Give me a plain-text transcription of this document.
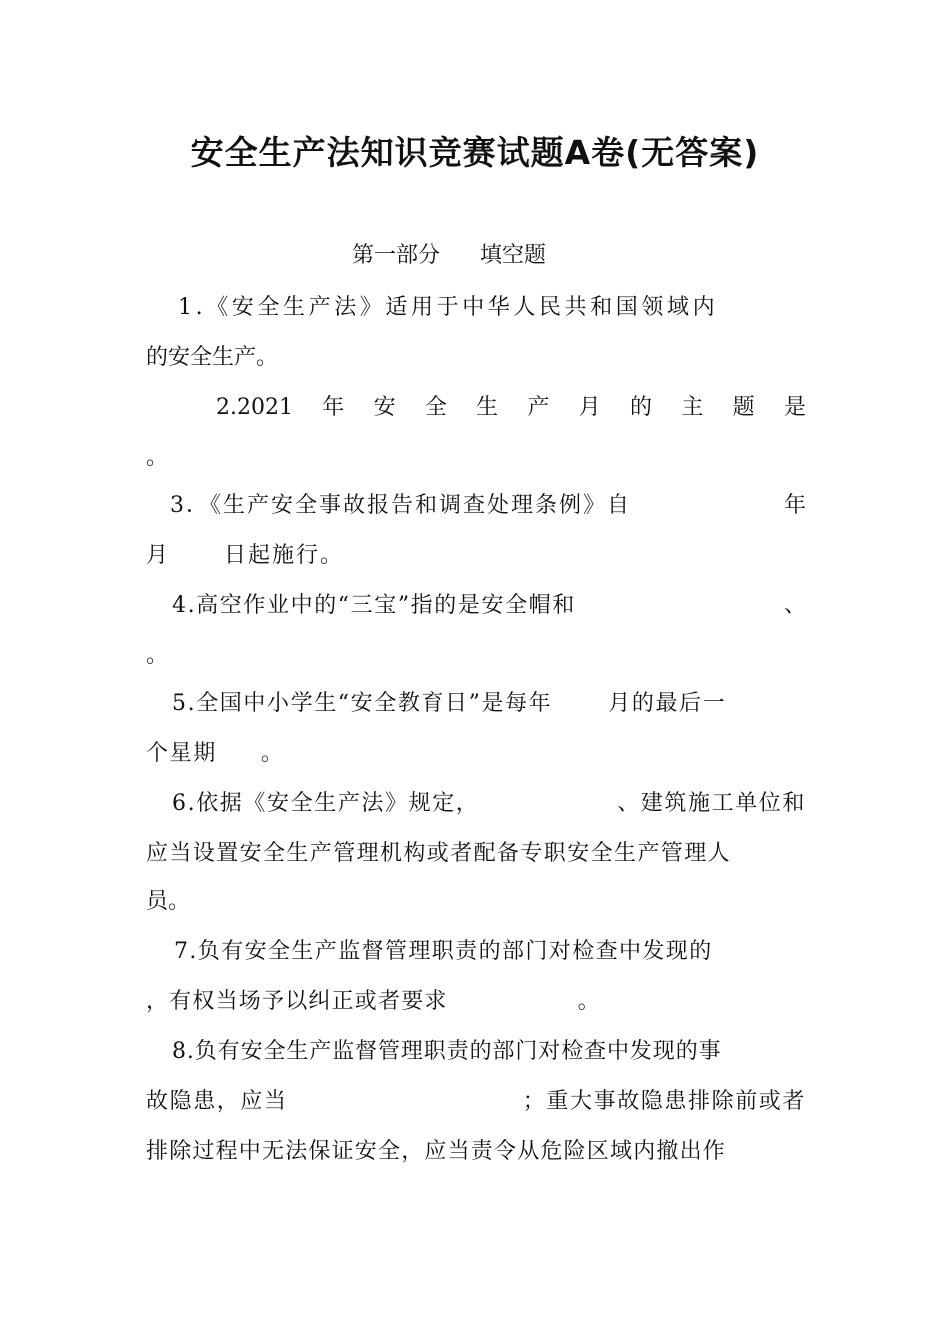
安全生产法知识竞赛试题A卷(无答案)
第一部分 填空题
1.《安全生产法》适用于中华人民共和国领域内
的安全生产。
2.2021 年 安 全 生 产 月 的 主 题 是
。
3．《生产安全事故报告和调查处理条例》自	年
月	日起施行。
4.高空作业中的“三宝”指的是安全帽和	、
。
5.全国中小学生“安全教育日”是每年	月的最后一
个星期 。
6.依据《安全生产法》规定，	、建筑施工单位和
应当设置安全生产管理机构或者配备专职安全生产管理人
员。
7.负有安全生产监督管理职责的部门对检查中发现的
，有权当场予以纠正或者要求	。
8.负有安全生产监督管理职责的部门对检查中发现的事
故隐患，应当	；重大事故隐患排除前或者
排除过程中无法保证安全，应当责令从危险区域内撤出作
